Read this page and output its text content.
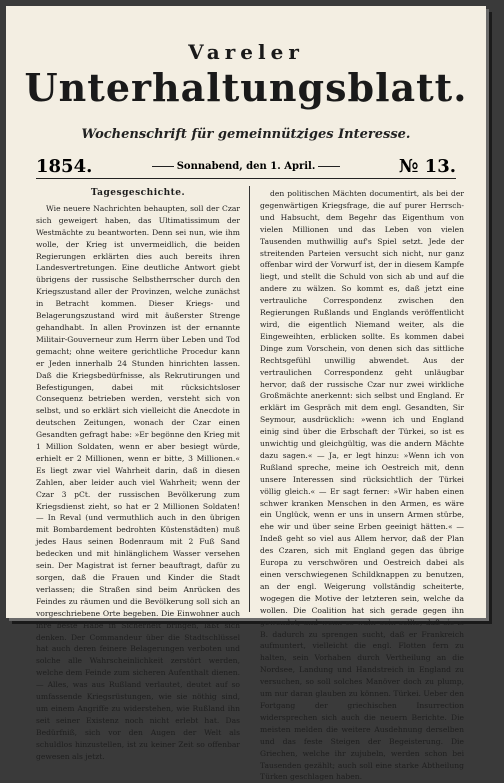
Vareler
Unterhaltungsblatt.
Wochenschrift für gemeinnütziges Interesse.
1854.	Sonnabend, den 1. April.	№ 13.
Tagesgeschichte.

Wie neuere Nachrichten behaupten, soll der Czar sich geweigert haben, das Ultimatissimum der Westmächte zu beantworten. Denn sei nun, wie ihm wolle, der Krieg ist unvermeidlich, die beiden Regierungen erklärten dies auch bereits ihren Landesvertretungen. Eine deutliche Antwort giebt übrigens der russische Selbstherrscher durch den Kriegszustand aller der Provinzen, welche zunächst in Betracht kommen. Dieser Kriegs- und Belagerungszustand wird mit äußerster Strenge gehandhabt. In allen Provinzen ist der ernannte Militair-Gouverneur zum Herrn über Leben und Tod gemacht; ohne weitere gerichtliche Procedur kann er Jeden innerhalb 24 Stunden hinrichten lassen. Daß die Kriegsbedürfnisse, als Rekrutirungen und Befestigungen, dabei mit rücksichtsloser Consequenz betrieben werden, versteht sich von selbst, und so erklärt sich vielleicht die Anecdote in deutschen Zeitungen, wonach der Czar einen Gesandten gefragt habe: »Er begönne den Krieg mit 1 Million Soldaten, wenn er aber besiegt würde, erhielt er 2 Millionen, wenn er bitte, 3 Millionen.« Es liegt zwar viel Wahrheit darin, daß in diesen Zahlen, aber leider auch viel Wahrheit; wenn der Czar 3 pCt. der russischen Bevölkerung zum Kriegsdienst zieht, so hat er 2 Millionen Soldaten! — In Reval (und vermuthlich auch in den übrigen mit Bombardement bedrohten Küstenstädten) muß jedes Haus seinen Bodenraum mit 2 Fuß Sand bedecken und mit hinlänglichem Wasser versehen sein. Der Magistrat ist ferner beauftragt, dafür zu sorgen, daß die Frauen und Kinder die Stadt verlassen; die Straßen sind beim Anrücken des Feindes zu räumen und die Bevölkerung soll sich an vorgeschriebene Orte begeben. Die Einwohner auch ihre beste Habe in Sicherheit bringen, läßt sich denken. Der Commandeur über die Stadtschlüssel hat auch deren feinere Belagerungen verboten und solche alle Wahrscheinlichkeit zerstört werden, welche dem Feinde zum sicheren Aufenthalt dienen. — Alles, was aus Rußland verlautet, deutet auf so umfassende Kriegsrüstungen, wie sie nöthig sind, um einem Angriffe zu widerstehen, wie Rußland ihn seit seiner Existenz noch nicht erlebt hat. Das Bedürfniß, sich vor den Augen der Welt als schuldlos hinzustellen, ist zu keiner Zeit so offenbar gewesen als jetzt.

den politischen Mächten documentirt, als bei der gegenwärtigen Kriegsfrage, die auf purer Herrsch- und Habsucht, dem Begehr das Eigenthum von vielen Millionen und das Leben von vielen Tausenden muthwillig auf's Spiel setzt. Jede der streitenden Parteien versucht sich nicht, nur ganz offenbar wird der Vorwurf ist, der in diesem Kampfe liegt, und stellt die Schuld von sich ab und auf die andere zu wälzen. So kommt es, daß jetzt eine vertrauliche Correspondenz zwischen den Regierungen Rußlands und Englands veröffentlicht wird, die eigentlich Niemand weiter, als die Eingeweihten, erblicken sollte. Es kommen dabei Dinge zum Vorschein, von denen sich das sittliche Rechtsgefühl unwillig abwendet. Aus der vertraulichen Correspondenz geht unläugbar hervor, daß der russische Czar nur zwei wirkliche Großmächte anerkennt: sich selbst und England. Er erklärt im Gespräch mit dem engl. Gesandten, Sir Seymour, ausdrücklich: »wenn ich und England einig sind über die Erbschaft der Türkei, so ist es unwichtig und gleichgültig, was die andern Mächte dazu sagen.« — Ja, er legt hinzu: »Wenn ich von Rußland spreche, meine ich Oestreich mit, denn unsere Interessen sind rücksichtlich der Türkei völlig gleich.« — Er sagt ferner: »Wir haben einen schwer kranken Menschen in den Armen, es wäre ein Unglück, wenn er uns in unsern Armen stürbe, ehe wir und über seine Erben geeinigt hätten.« — Indeß geht so viel aus Allem hervor, daß der Plan des Czaren, sich mit England gegen das übrige Europa zu verschwören und Oestreich dabei als einen verschwiegenen Schildknappen zu benutzen, an der engl. Weigerung vollständig scheiterte, wogegen die Motive der letzteren sein, welche da wollen. Die Coalition hat sich gerade gegen ihn gewendet, und wenn es wahr sein sollte, daß sie z. B. dadurch zu sprengen sucht, daß er Frankreich aufmuntert, vielleicht die engl. Flotten fern zu halten, sein Vorhaben durch Vertheilung an die Nordsee, Landung und Handstreich in England zu versuchen, so soll solches Manöver doch zu plump, um nur daran glauben zu können. Türkei. Ueber den Fortgang der griechischen Insurrection widersprechen sich auch die neuern Berichte. Die meisten melden die weitere Ausdehnung derselben und das feste Steigen der Begeisterung. Die Griechen, welche ihr zujubeln, werden schon bei Tausenden gezählt; auch soll eine starke Abtheilung Türken geschlagen haben.
